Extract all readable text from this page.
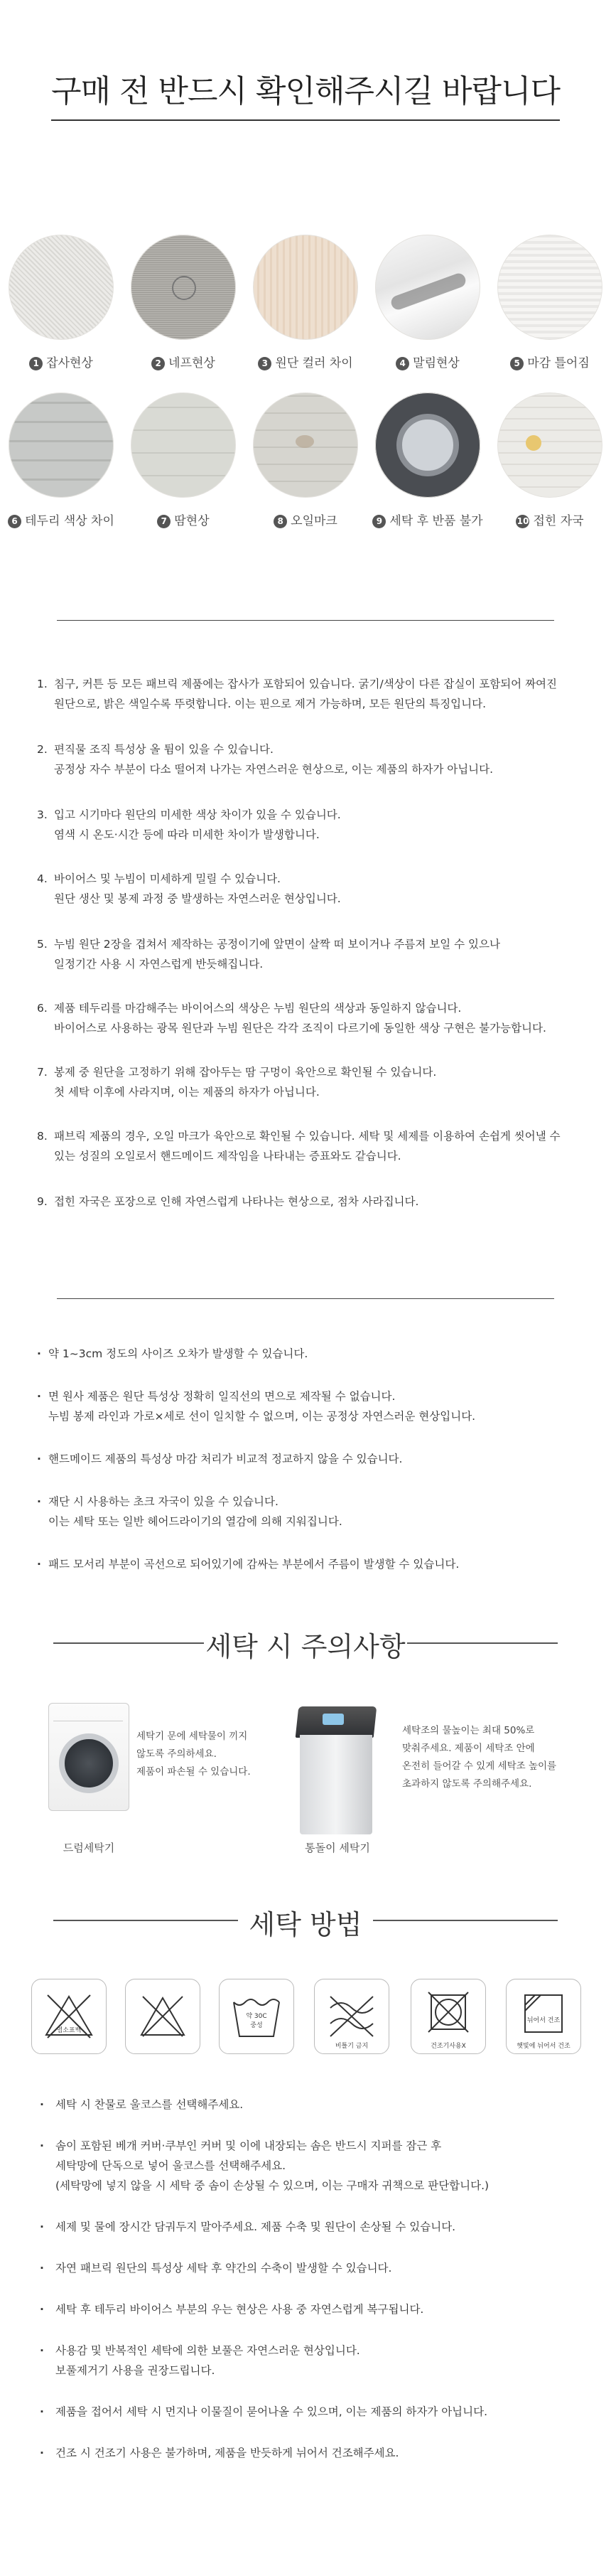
구매 전 반드시 확인해주시길 바랍니다
1 잡사현상	2 네프현상	3 원단 컬러 차이	4 말림현상	5 마감 틀어짐
6 테두리 색상 차이	7 땀현상	8 오일마크	9 세탁 후 반품 불가	10 접힌 자국
1. 침구, 커튼 등 모든 패브릭 제품에는 잡사가 포함되어 있습니다. 굵기/색상이 다른 잡실이 포함되어 짜여진
원단으로, 밝은 색일수록 뚜렷합니다. 이는 핀으로 제거 가능하며, 모든 원단의 특징입니다.
2. 편직물 조직 특성상 올 튐이 있을 수 있습니다.
공정상 자수 부분이 다소 떨어져 나가는 자연스러운 현상으로, 이는 제품의 하자가 아닙니다.
3. 입고 시기마다 원단의 미세한 색상 차이가 있을 수 있습니다.
염색 시 온도·시간 등에 따라 미세한 차이가 발생합니다.
4. 바이어스 및 누빔이 미세하게 밀릴 수 있습니다.
원단 생산 및 봉제 과정 중 발생하는 자연스러운 현상입니다.
5. 누빔 원단 2장을 겹쳐서 제작하는 공정이기에 앞면이 살짝 떠 보이거나 주름져 보일 수 있으나
일정기간 사용 시 자연스럽게 반듯해집니다.
6. 제품 테두리를 마감해주는 바이어스의 색상은 누빔 원단의 색상과 동일하지 않습니다.
바이어스로 사용하는 광목 원단과 누빔 원단은 각각 조직이 다르기에 동일한 색상 구현은 불가능합니다.
7. 봉제 중 원단을 고정하기 위해 잡아두는 땀 구멍이 육안으로 확인될 수 있습니다.
첫 세탁 이후에 사라지며, 이는 제품의 하자가 아닙니다.
8. 패브릭 제품의 경우, 오일 마크가 육안으로 확인될 수 있습니다. 세탁 및 세제를 이용하여 손쉽게 씻어낼 수
있는 성질의 오일로서 핸드메이드 제작임을 나타내는 증표와도 같습니다.
9. 접힌 자국은 포장으로 인해 자연스럽게 나타나는 현상으로, 점차 사라집니다.
· 약 1~3cm 정도의 사이즈 오차가 발생할 수 있습니다.
· 면 원사 제품은 원단 특성상 정확히 일직선의 면으로 제작될 수 없습니다.
누빔 봉제 라인과 가로×세로 선이 일치할 수 없으며, 이는 공정상 자연스러운 현상입니다.
· 핸드메이드 제품의 특성상 마감 처리가 비교적 정교하지 않을 수 있습니다.
· 재단 시 사용하는 초크 자국이 있을 수 있습니다.
이는 세탁 또는 일반 헤어드라이기의 열감에 의해 지워집니다.
· 패드 모서리 부분이 곡선으로 되어있기에 감싸는 부분에서 주름이 발생할 수 있습니다.
세탁 시 주의사항
세탁기 문에 세탁물이 끼지
않도록 주의하세요.
제품이 파손될 수 있습니다.
드럼세탁기
세탁조의 물높이는 최대 50%로
맞춰주세요. 제품이 세탁조 안에
온전히 들어갈 수 있게 세탁조 높이를
초과하지 않도록 주의해주세요.
통돌이 세탁기
세탁 방법
염소표백
약 30C
중성
비틀기 금지	건조기사용X
뉘어서 건조
햇빛에 뉘어서 건조
· 세탁 시 찬물로 울코스를 선택해주세요.
· 솜이 포함된 베개 커버·쿠부인 커버 및 이에 내장되는 솜은 반드시 지퍼를 잠근 후
세탁망에 단독으로 넣어 울코스를 선택해주세요.
(세탁망에 넣지 않을 시 세탁 중 솜이 손상될 수 있으며, 이는 구매자 귀책으로 판단합니다.)
· 세제 및 물에 장시간 담궈두지 말아주세요. 제품 수축 및 원단이 손상될 수 있습니다.
· 자연 패브릭 원단의 특성상 세탁 후 약간의 수축이 발생할 수 있습니다.
· 세탁 후 테두리 바이어스 부분의 우는 현상은 사용 중 자연스럽게 복구됩니다.
· 사용감 및 반복적인 세탁에 의한 보풀은 자연스러운 현상입니다.
보풀제거기 사용을 권장드립니다.
· 제품을 접어서 세탁 시 먼지나 이물질이 묻어나올 수 있으며, 이는 제품의 하자가 아닙니다.
· 건조 시 건조기 사용은 불가하며, 제품을 반듯하게 뉘어서 건조해주세요.
